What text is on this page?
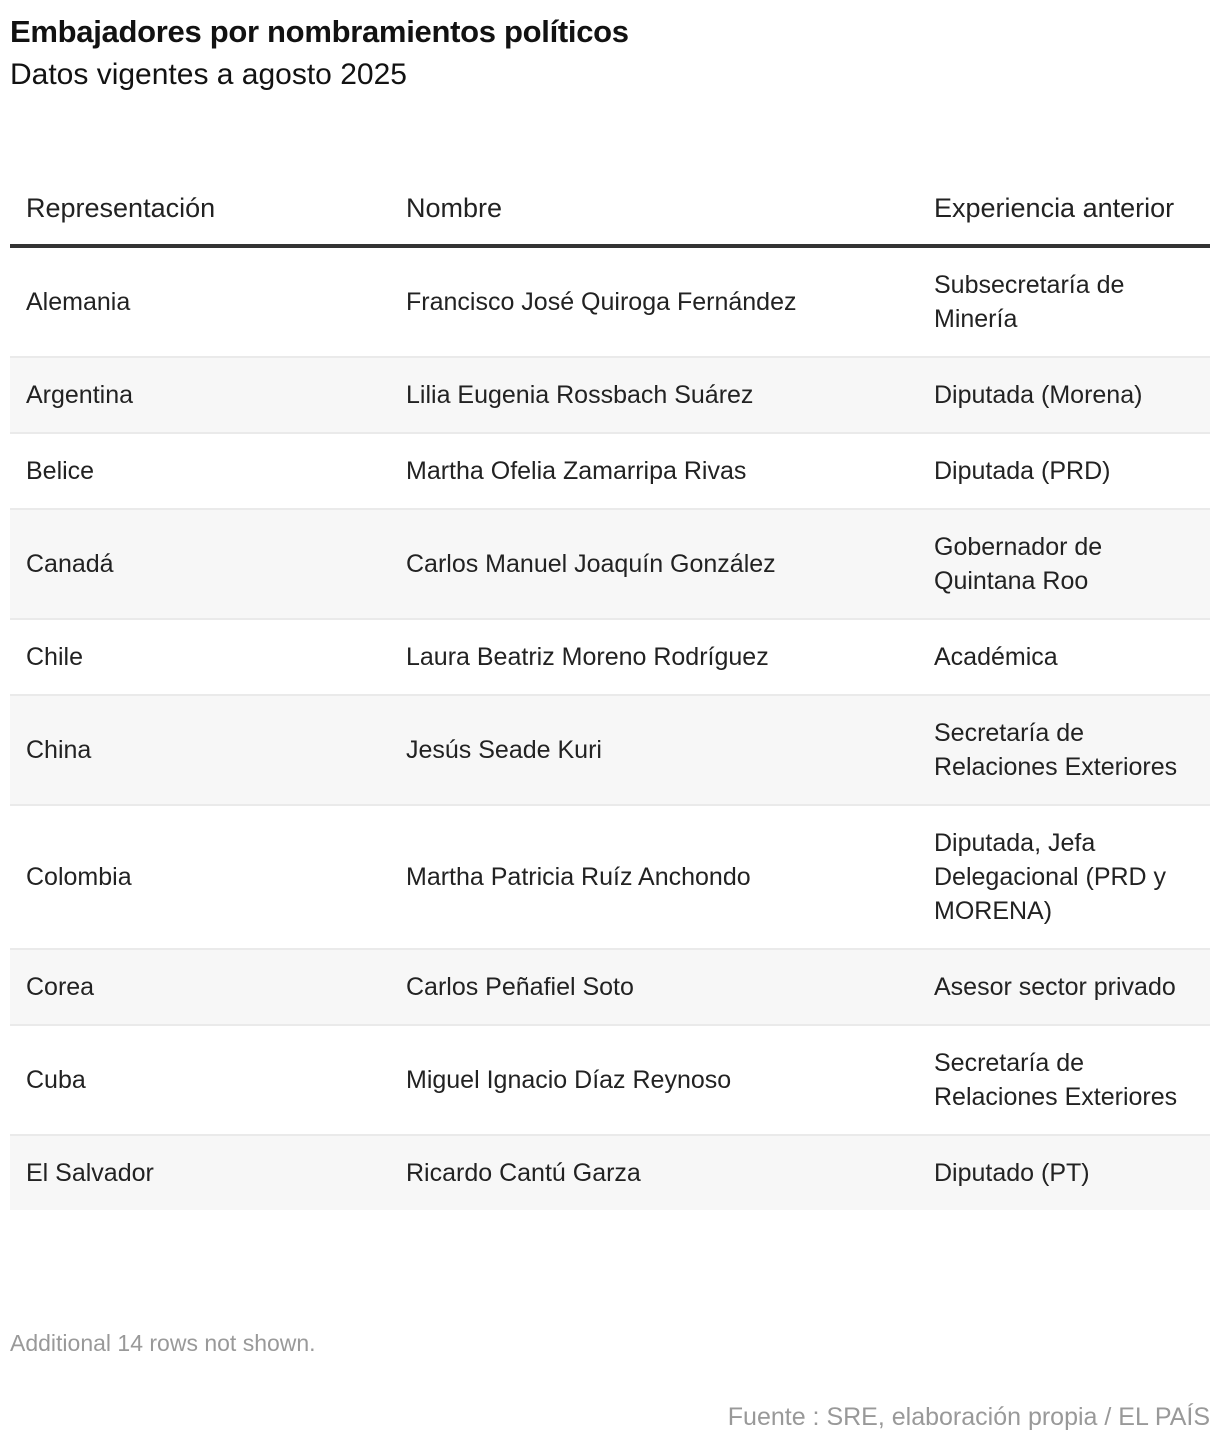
Embajadores por nombramientos políticos
Datos vigentes a agosto 2025
Representación	Nombre	Experiencia anterior
Alemania	Francisco José Quiroga Fernández	Subsecretaría de Minería
Argentina	Lilia Eugenia Rossbach Suárez	Diputada (Morena)
Belice	Martha Ofelia Zamarripa Rivas	Diputada (PRD)
Canadá	Carlos Manuel Joaquín González	Gobernador de Quintana Roo
Chile	Laura Beatriz Moreno Rodríguez	Académica
China	Jesús Seade Kuri	Secretaría de Relaciones Exteriores
Colombia	Martha Patricia Ruíz Anchondo	Diputada, Jefa Delegacional (PRD y MORENA)
Corea	Carlos Peñafiel Soto	Asesor sector privado
Cuba	Miguel Ignacio Díaz Reynoso	Secretaría de Relaciones Exteriores
El Salvador	Ricardo Cantú Garza	Diputado (PT)
Additional 14 rows not shown.
Fuente : SRE, elaboración propia / EL PAÍS
